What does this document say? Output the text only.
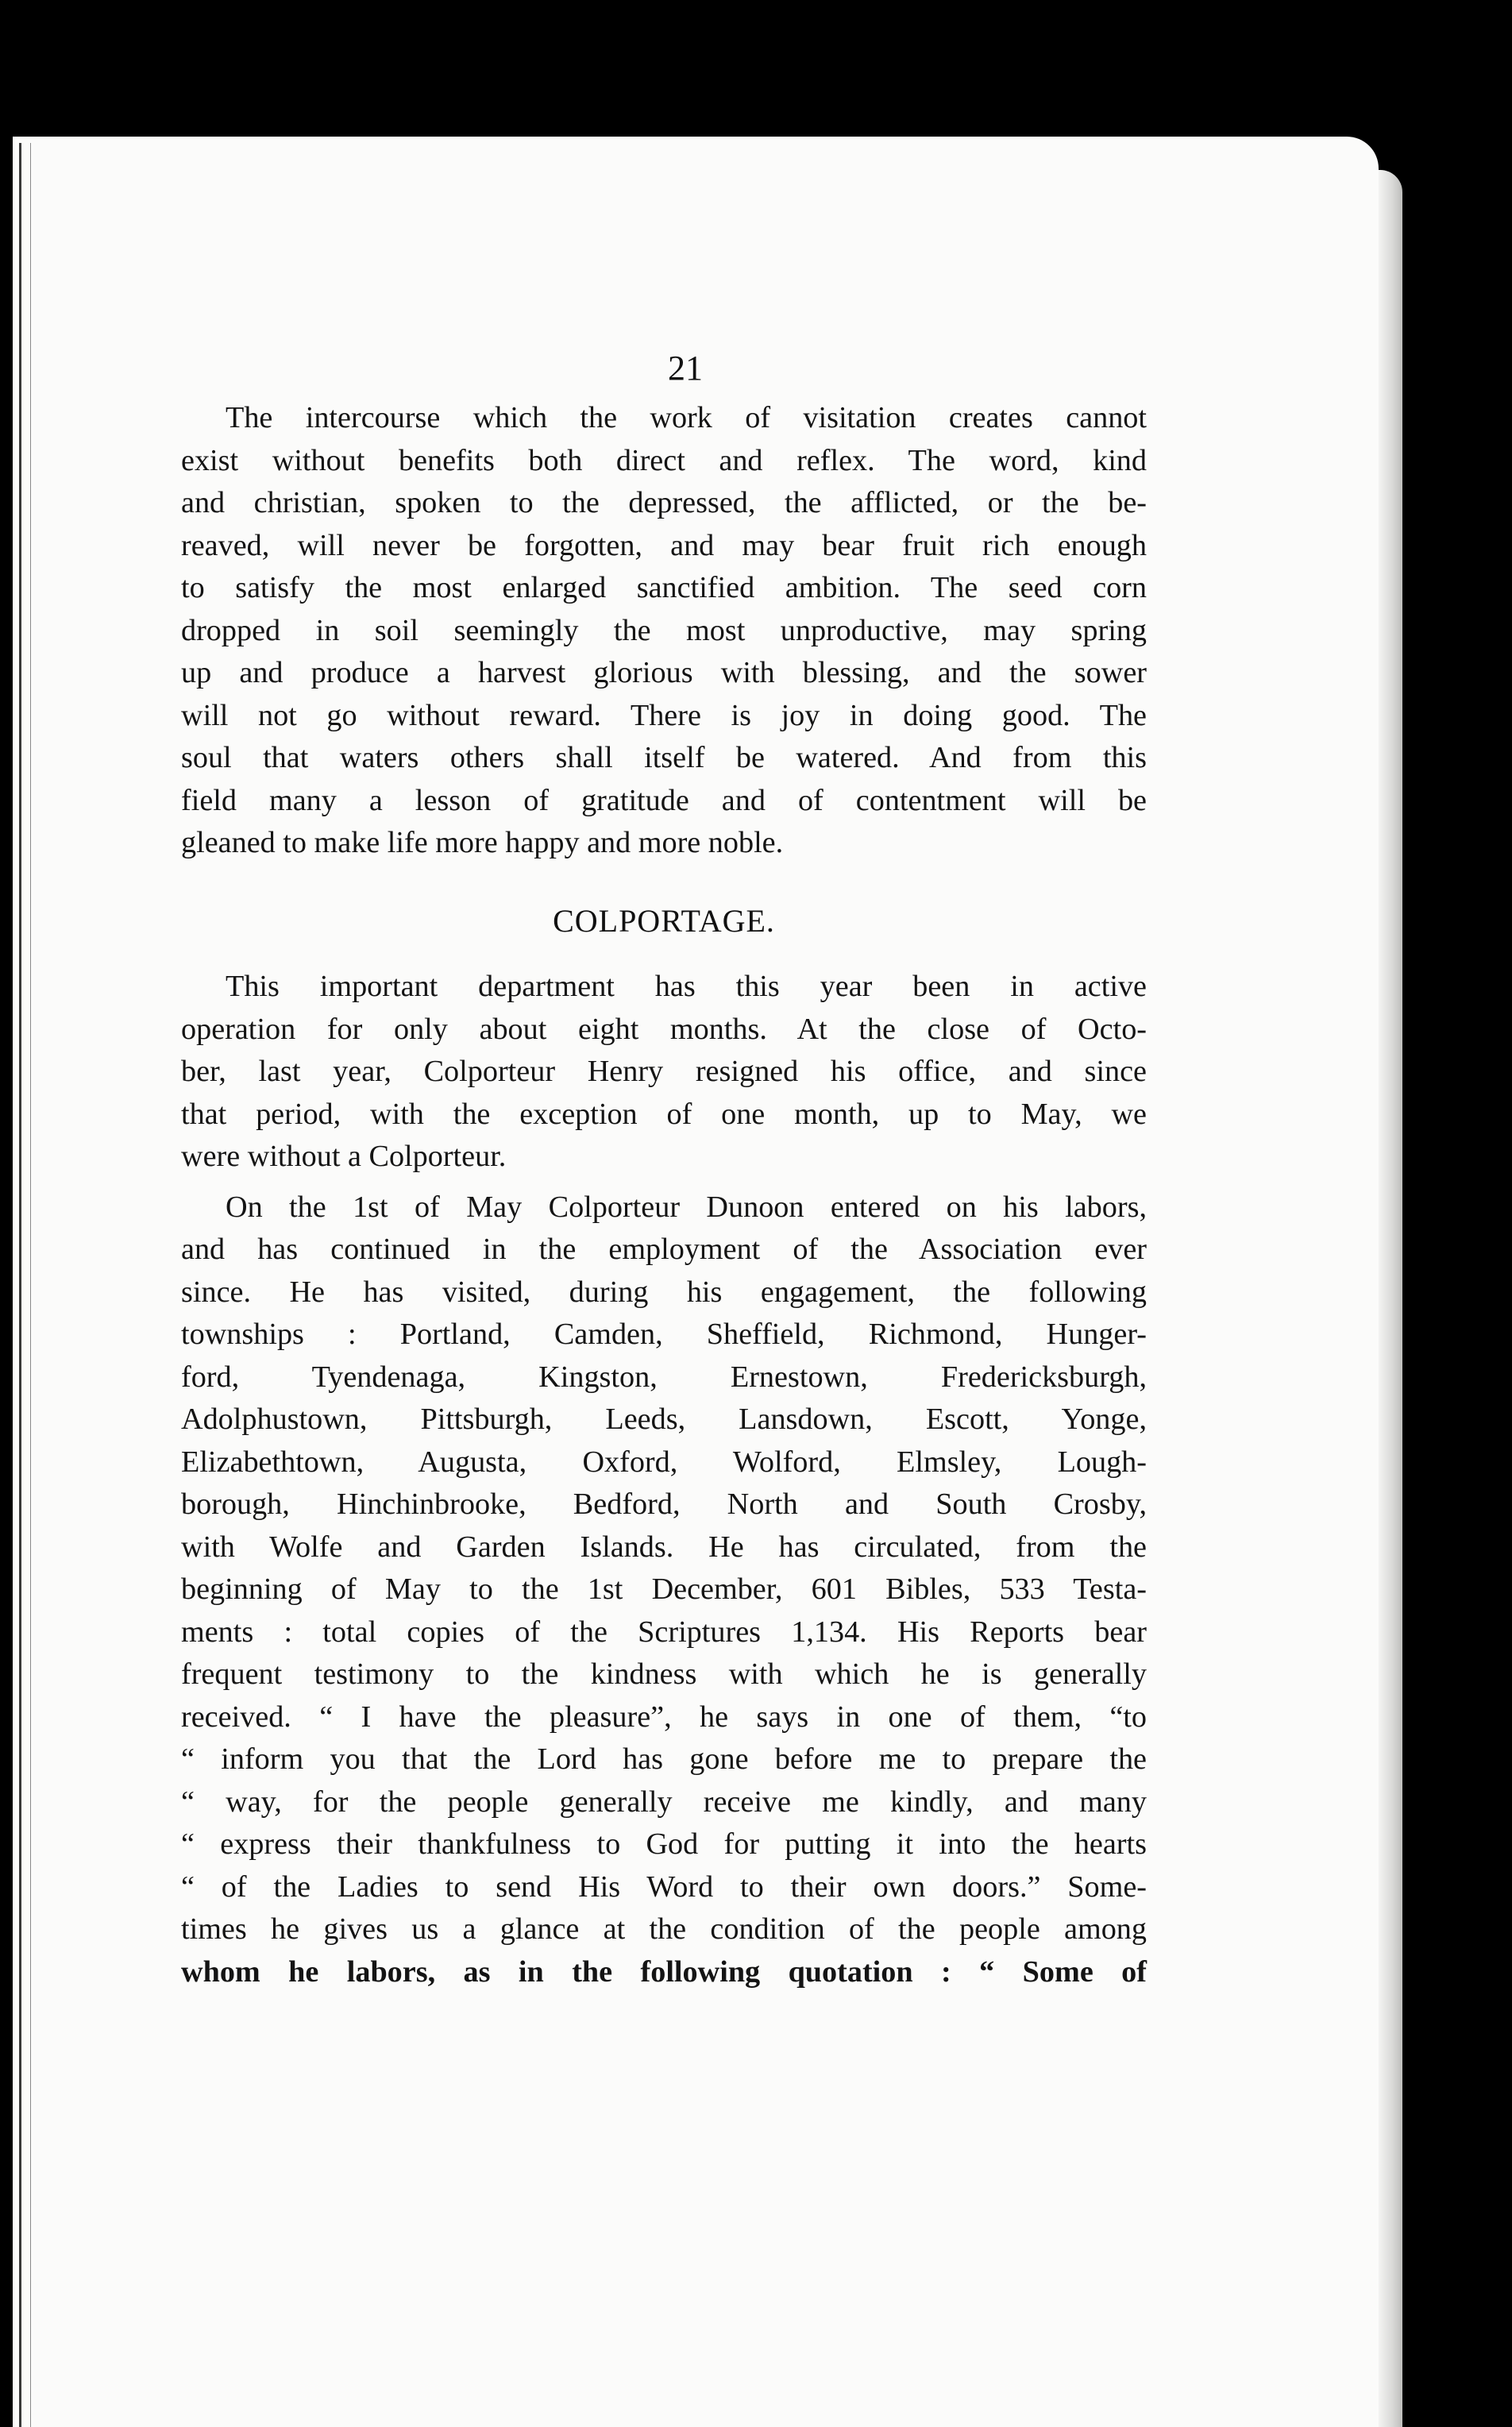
21
The intercourse which the work of visitation creates cannot
exist without benefits both direct and reflex. The word, kind
and christian, spoken to the depressed, the afflicted, or the be-
reaved, will never be forgotten, and may bear fruit rich enough
to satisfy the most enlarged sanctified ambition. The seed corn
dropped in soil seemingly the most unproductive, may spring
up and produce a harvest glorious with blessing, and the sower
will not go without reward. There is joy in doing good. The
soul that waters others shall itself be watered. And from this
field many a lesson of gratitude and of contentment will be
gleaned to make life more happy and more noble.
COLPORTAGE.
This important department has this year been in active
operation for only about eight months. At the close of Octo-
ber, last year, Colporteur Henry resigned his office, and since
that period, with the exception of one month, up to May, we
were without a Colporteur.
On the 1st of May Colporteur Dunoon entered on his labors,
and has continued in the employment of the Association ever
since. He has visited, during his engagement, the following
townships : Portland, Camden, Sheffield, Richmond, Hunger-
ford, Tyendenaga, Kingston, Ernestown, Fredericksburgh,
Adolphustown, Pittsburgh, Leeds, Lansdown, Escott, Yonge,
Elizabethtown, Augusta, Oxford, Wolford, Elmsley, Lough-
borough, Hinchinbrooke, Bedford, North and South Crosby,
with Wolfe and Garden Islands. He has circulated, from the
beginning of May to the 1st December, 601 Bibles, 533 Testa-
ments : total copies of the Scriptures 1,134. His Reports bear
frequent testimony to the kindness with which he is generally
received. “ I have the pleasure”, he says in one of them, “to
“ inform you that the Lord has gone before me to prepare the
“ way, for the people generally receive me kindly, and many
“ express their thankfulness to God for putting it into the hearts
“ of the Ladies to send His Word to their own doors.” Some-
times he gives us a glance at the condition of the people among
whom he labors, as in the following quotation : “ Some of
